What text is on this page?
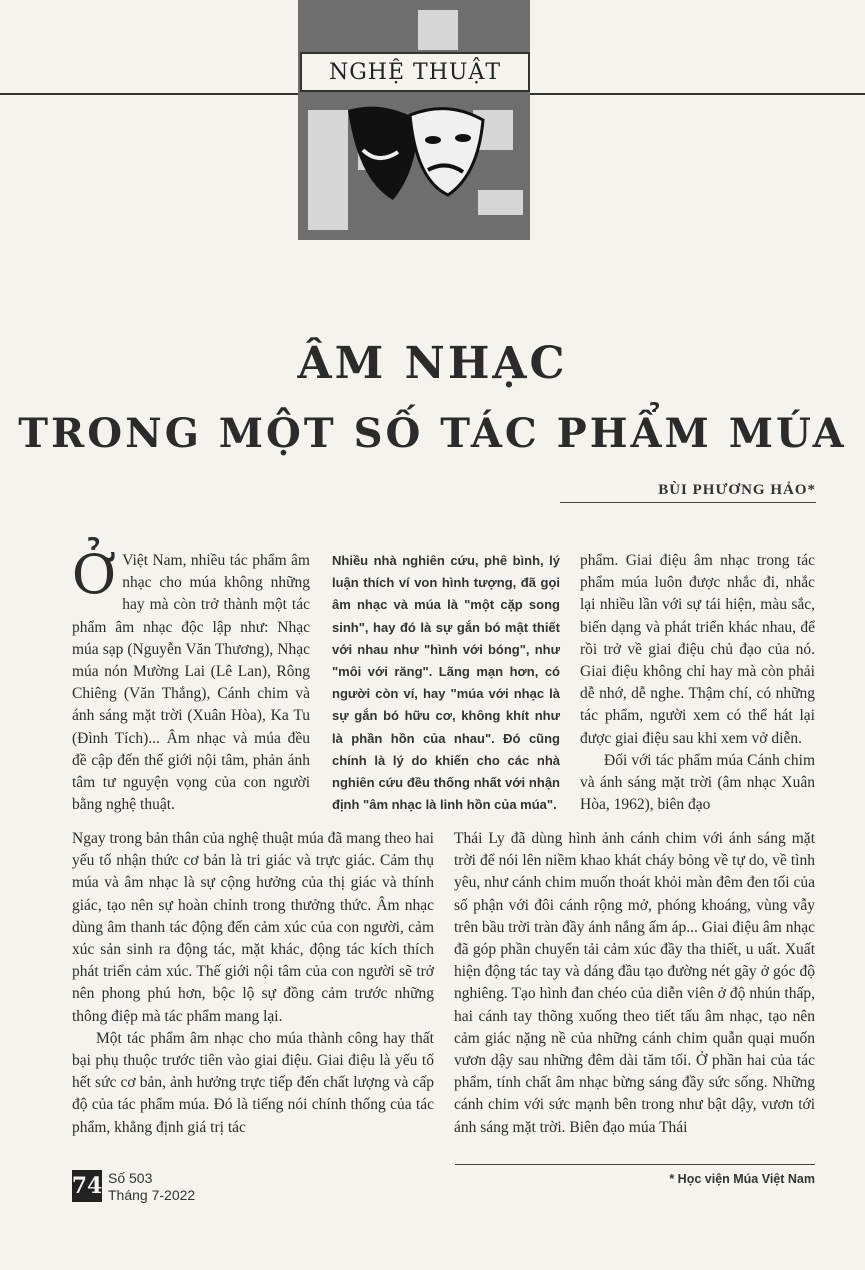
NGHỆ THUẬT
ÂM NHẠC
TRONG MỘT SỐ TÁC PHẨM MÚA
BÙI PHƯƠNG HẢO*

Ở Việt Nam, nhiều tác phẩm âm nhạc cho múa không những hay mà còn trở thành một tác phẩm âm nhạc độc lập như: Nhạc múa sạp (Nguyễn Văn Thương), Nhạc múa nón Mường Lai (Lê Lan), Rông Chiêng (Văn Thắng), Cánh chim và ánh sáng mặt trời (Xuân Hòa), Ka Tu (Đình Tích)... Âm nhạc và múa đều đề cập đến thế giới nội tâm, phản ánh tâm tư nguyện vọng của con người bằng nghệ thuật.

Nhiều nhà nghiên cứu, phê bình, lý luận thích ví von hình tượng, đã gọi âm nhạc và múa là "một cặp song sinh", hay đó là sự gắn bó mật thiết với nhau như "hình với bóng", như "môi với răng". Lãng mạn hơn, có người còn ví, hay "múa với nhạc là sự gắn bó hữu cơ, không khít như là phần hồn của nhau". Đó cũng chính là lý do khiến cho các nhà nghiên cứu đều thống nhất với nhận định "âm nhạc là linh hồn của múa".

phẩm. Giai điệu âm nhạc trong tác phẩm múa luôn được nhắc đi, nhắc lại nhiều lần với sự tái hiện, màu sắc, biến dạng và phát triển khác nhau, để rồi trở về giai điệu chủ đạo của nó. Giai điệu không chỉ hay mà còn phải dễ nhớ, dễ nghe. Thậm chí, có những tác phẩm, người xem có thể hát lại được giai điệu sau khi xem vở diễn.

Đối với tác phẩm múa Cánh chim và ánh sáng mặt trời (âm nhạc Xuân Hòa, 1962), biên đạo

Ngay trong bản thân của nghệ thuật múa đã mang theo hai yếu tố nhận thức cơ bản là tri giác và trực giác. Cảm thụ múa và âm nhạc là sự cộng hưởng của thị giác và thính giác, tạo nên sự hoàn chỉnh trong thưởng thức. Âm nhạc dùng âm thanh tác động đến cảm xúc của con người, cảm xúc sản sinh ra động tác, mặt khác, động tác kích thích phát triển cảm xúc. Thế giới nội tâm của con người sẽ trở nên phong phú hơn, bộc lộ sự đồng cảm trước những thông điệp mà tác phẩm mang lại.

Một tác phẩm âm nhạc cho múa thành công hay thất bại phụ thuộc trước tiên vào giai điệu. Giai điệu là yếu tố hết sức cơ bản, ảnh hưởng trực tiếp đến chất lượng và cấp độ của tác phẩm múa. Đó là tiếng nói chính thống của tác phẩm, khẳng định giá trị tác

Thái Ly đã dùng hình ảnh cánh chim với ánh sáng mặt trời để nói lên niềm khao khát cháy bỏng về tự do, về tình yêu, như cánh chim muốn thoát khỏi màn đêm đen tối của số phận với đôi cánh rộng mở, phóng khoáng, vùng vẫy trên bầu trời tràn đầy ánh nắng ấm áp... Giai điệu âm nhạc đã góp phần chuyển tải cảm xúc đầy tha thiết, u uất. Xuất hiện động tác tay và dáng đầu tạo đường nét gãy ở góc độ nghiêng. Tạo hình đan chéo của diễn viên ở độ nhún thấp, hai cánh tay thõng xuống theo tiết tấu âm nhạc, tạo nên cảm giác nặng nề của những cánh chim quẫn quại muốn vươn dậy sau những đêm dài tăm tối. Ở phần hai của tác phẩm, tính chất âm nhạc bừng sáng đầy sức sống. Những cánh chim với sức mạnh bên trong như bật dậy, vươn tới ánh sáng mặt trời. Biên đạo múa Thái

* Học viện Múa Việt Nam
74 Số 503
Tháng 7-2022
